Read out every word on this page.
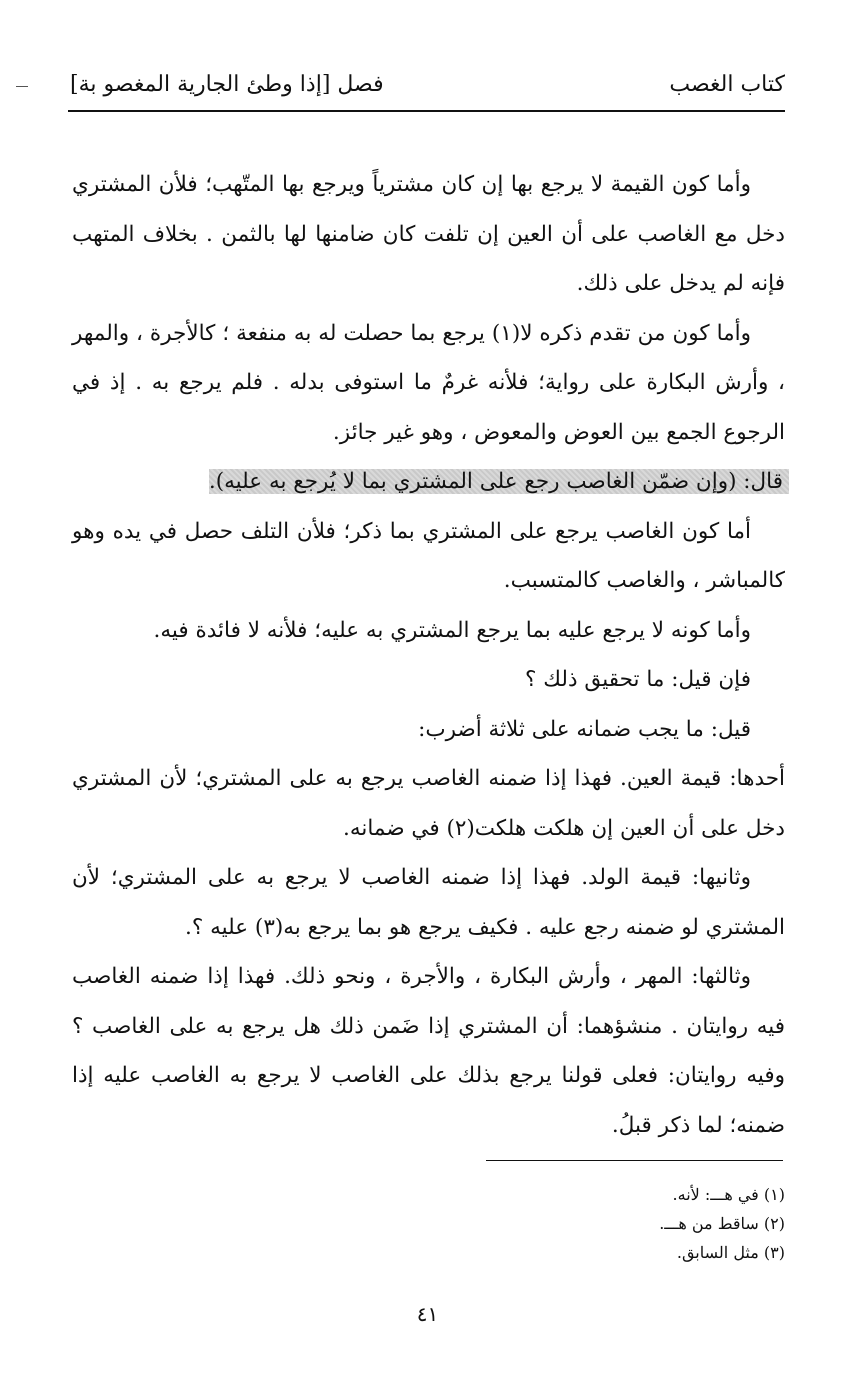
كتاب الغصب
فصل [إذا وطئ الجارية المغصو بة]

وأما كون القيمة لا يرجع بها إن كان مشترياً ويرجع بها المتّهب؛ فلأن المشتري دخل مع الغاصب على أن العين إن تلفت كان ضامنها لها بالثمن . بخلاف المتهب فإنه لم يدخل على ذلك.

وأما كون من تقدم ذكره لا(١) يرجع بما حصلت له به منفعة ؛ كالأجرة ، والمهر ، وأرش البكارة على رواية؛ فلأنه غرمٌ ما استوفى بدله . فلم يرجع به . إذ في الرجوع الجمع بين العوض والمعوض ، وهو غير جائز.

قال: (وإن ضمّن الغاصب رجع على المشتري بما لا يُرجع به عليه).

أما كون الغاصب يرجع على المشتري بما ذكر؛ فلأن التلف حصل في يده وهو كالمباشر ، والغاصب كالمتسبب.

وأما كونه لا يرجع عليه بما يرجع المشتري به عليه؛ فلأنه لا فائدة فيه.

فإن قيل: ما تحقيق ذلك ؟

قيل: ما يجب ضمانه على ثلاثة أضرب:

أحدها: قيمة العين. فهذا إذا ضمنه الغاصب يرجع به على المشتري؛ لأن المشتري دخل على أن العين إن هلكت هلكت(٢) في ضمانه.

وثانيها: قيمة الولد. فهذا إذا ضمنه الغاصب لا يرجع به على المشتري؛ لأن المشتري لو ضمنه رجع عليه . فكيف يرجع هو بما يرجع به(٣) عليه ؟.

وثالثها: المهر ، وأرش البكارة ، والأجرة ، ونحو ذلك. فهذا إذا ضمنه الغاصب فيه روايتان . منشؤهما: أن المشتري إذا ضَمن ذلك هل يرجع به على الغاصب ؟ وفيه روايتان: فعلى قولنا يرجع بذلك على الغاصب لا يرجع به الغاصب عليه إذا ضمنه؛ لما ذكر قبلُ.

(١) في هـــ: لأنه.
(٢) ساقط من هـــ.
(٣) مثل السابق.
٤١
